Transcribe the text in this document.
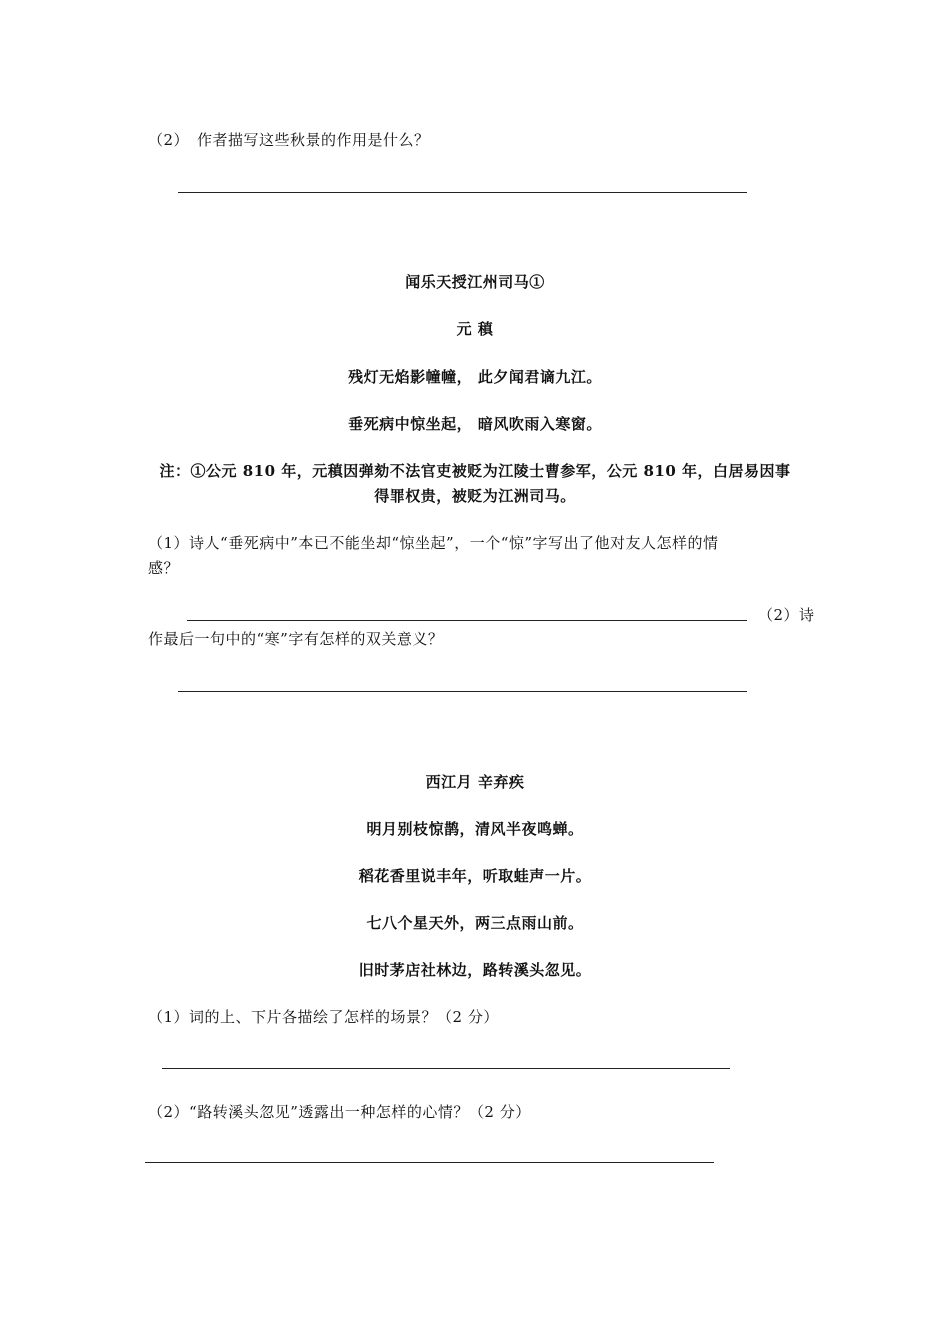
（2）　作者描写这些秋景的作用是什么？
闻乐天授江州司马①
元 稹
残灯无焰影幢幢， 此夕闻君谪九江。
垂死病中惊坐起， 暗风吹雨入寒窗。
注：①公元 810 年，元稹因弹劾不法官吏被贬为江陵士曹参军，公元 810 年，白居易因事
得罪权贵，被贬为江洲司马。
（1）诗人“垂死病中”本已不能坐却“惊坐起”，一个“惊”字写出了他对友人怎样的情
感？
（2）诗
作最后一句中的“寒”字有怎样的双关意义？
西江月 辛弃疾
明月别枝惊鹊，清风半夜鸣蝉。
稻花香里说丰年，听取蛙声一片。
七八个星天外，两三点雨山前。
旧时茅店社林边，路转溪头忽见。
（1）词的上、下片各描绘了怎样的场景？（2 分）
（2）“路转溪头忽见”透露出一种怎样的心情？（2 分）
